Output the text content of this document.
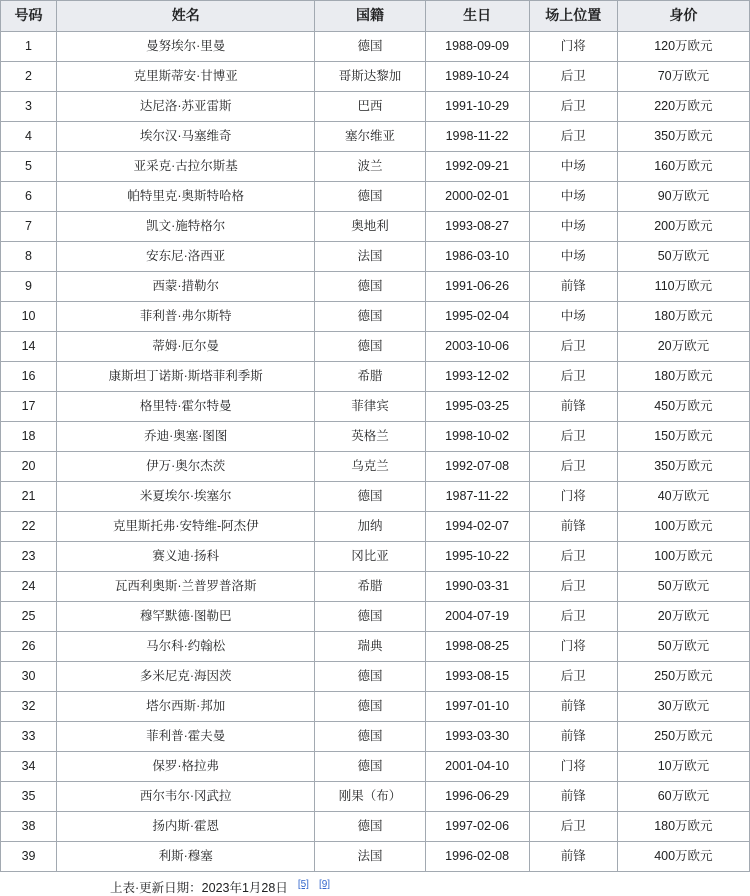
号码	姓名	国籍	生日	场上位置	身价
1	曼努埃尔·里曼	德国	1988-09-09	门将	120万欧元
2	克里斯蒂安·甘博亚	哥斯达黎加	1989-10-24	后卫	70万欧元
3	达尼洛·苏亚雷斯	巴西	1991-10-29	后卫	220万欧元
4	埃尔汉·马塞维奇	塞尔维亚	1998-11-22	后卫	350万欧元
5	亚采克·古拉尔斯基	波兰	1992-09-21	中场	160万欧元
6	帕特里克·奥斯特哈格	德国	2000-02-01	中场	90万欧元
7	凯文·施特格尔	奥地利	1993-08-27	中场	200万欧元
8	安东尼·洛西亚	法国	1986-03-10	中场	50万欧元
9	西蒙·措勒尔	德国	1991-06-26	前锋	110万欧元
10	菲利普·弗尔斯特	德国	1995-02-04	中场	180万欧元
14	蒂姆·厄尔曼	德国	2003-10-06	后卫	20万欧元
16	康斯坦丁诺斯·斯塔菲利季斯	希腊	1993-12-02	后卫	180万欧元
17	格里特·霍尔特曼	菲律宾	1995-03-25	前锋	450万欧元
18	乔迪·奥塞·图图	英格兰	1998-10-02	后卫	150万欧元
20	伊万·奥尔杰茨	乌克兰	1992-07-08	后卫	350万欧元
21	米夏埃尔·埃塞尔	德国	1987-11-22	门将	40万欧元
22	克里斯托弗·安特维-阿杰伊	加纳	1994-02-07	前锋	100万欧元
23	赛义迪·扬科	冈比亚	1995-10-22	后卫	100万欧元
24	瓦西利奥斯·兰普罗普洛斯	希腊	1990-03-31	后卫	50万欧元
25	穆罕默德·图勒巴	德国	2004-07-19	后卫	20万欧元
26	马尔科·约翰松	瑞典	1998-08-25	门将	50万欧元
30	多米尼克·海因茨	德国	1993-08-15	后卫	250万欧元
32	塔尔西斯·邦加	德国	1997-01-10	前锋	30万欧元
33	菲利普·霍夫曼	德国	1993-03-30	前锋	250万欧元
34	保罗·格拉弗	德国	2001-04-10	门将	10万欧元
35	西尔韦尔·冈武拉	刚果（布）	1996-06-29	前锋	60万欧元
38	扬内斯·霍恩	德国	1997-02-06	后卫	180万欧元
39	利斯·穆塞	法国	1996-02-08	前锋	400万欧元
上表·更新日期：2023年1月28日 [5] [9]
